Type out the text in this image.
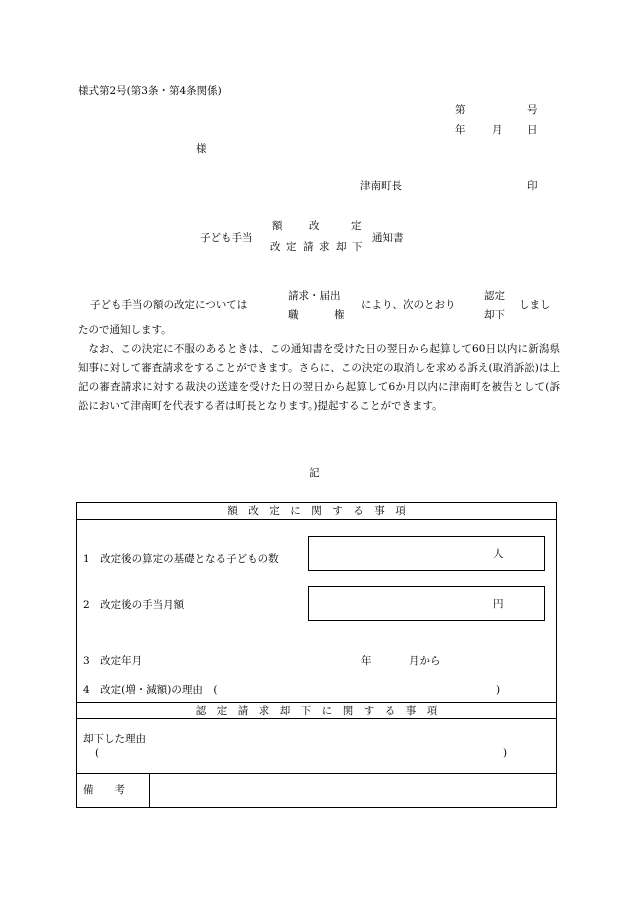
様式第2号(第3条・第4条関係)
第	号
年	月 日
様
津南町長	印
子ども手当
額	改	定
改 定 請 求 却 下
通知書
子ども手当の額の改定については
請求・届出
職	権
により、次のとおり
認定
却下
しまし
たので通知します。

なお、この決定に不服のあるときは、この通知書を受けた日の翌日から起算して60日以内に新潟県知事に対して審査請求をすることができます。さらに、この決定の取消しを求める訴え(取消訴訟)は上記の審査請求に対する裁決の送達を受けた日の翌日から起算して6か月以内に津南町を被告として(訴訟において津南町を代表する者は町長となります。)提起することができます。

記
額　改　定　に　関　す　る　事　項
1　改定後の算定の基礎となる子どもの数	人
2　改定後の手当月額	円
3　改定年月	年	月から
4　改定(増・減額)の理由　(	)
認　定　請　求　却　下　に　関　す　る　事　項
却下した理由
(	)
備　　考
